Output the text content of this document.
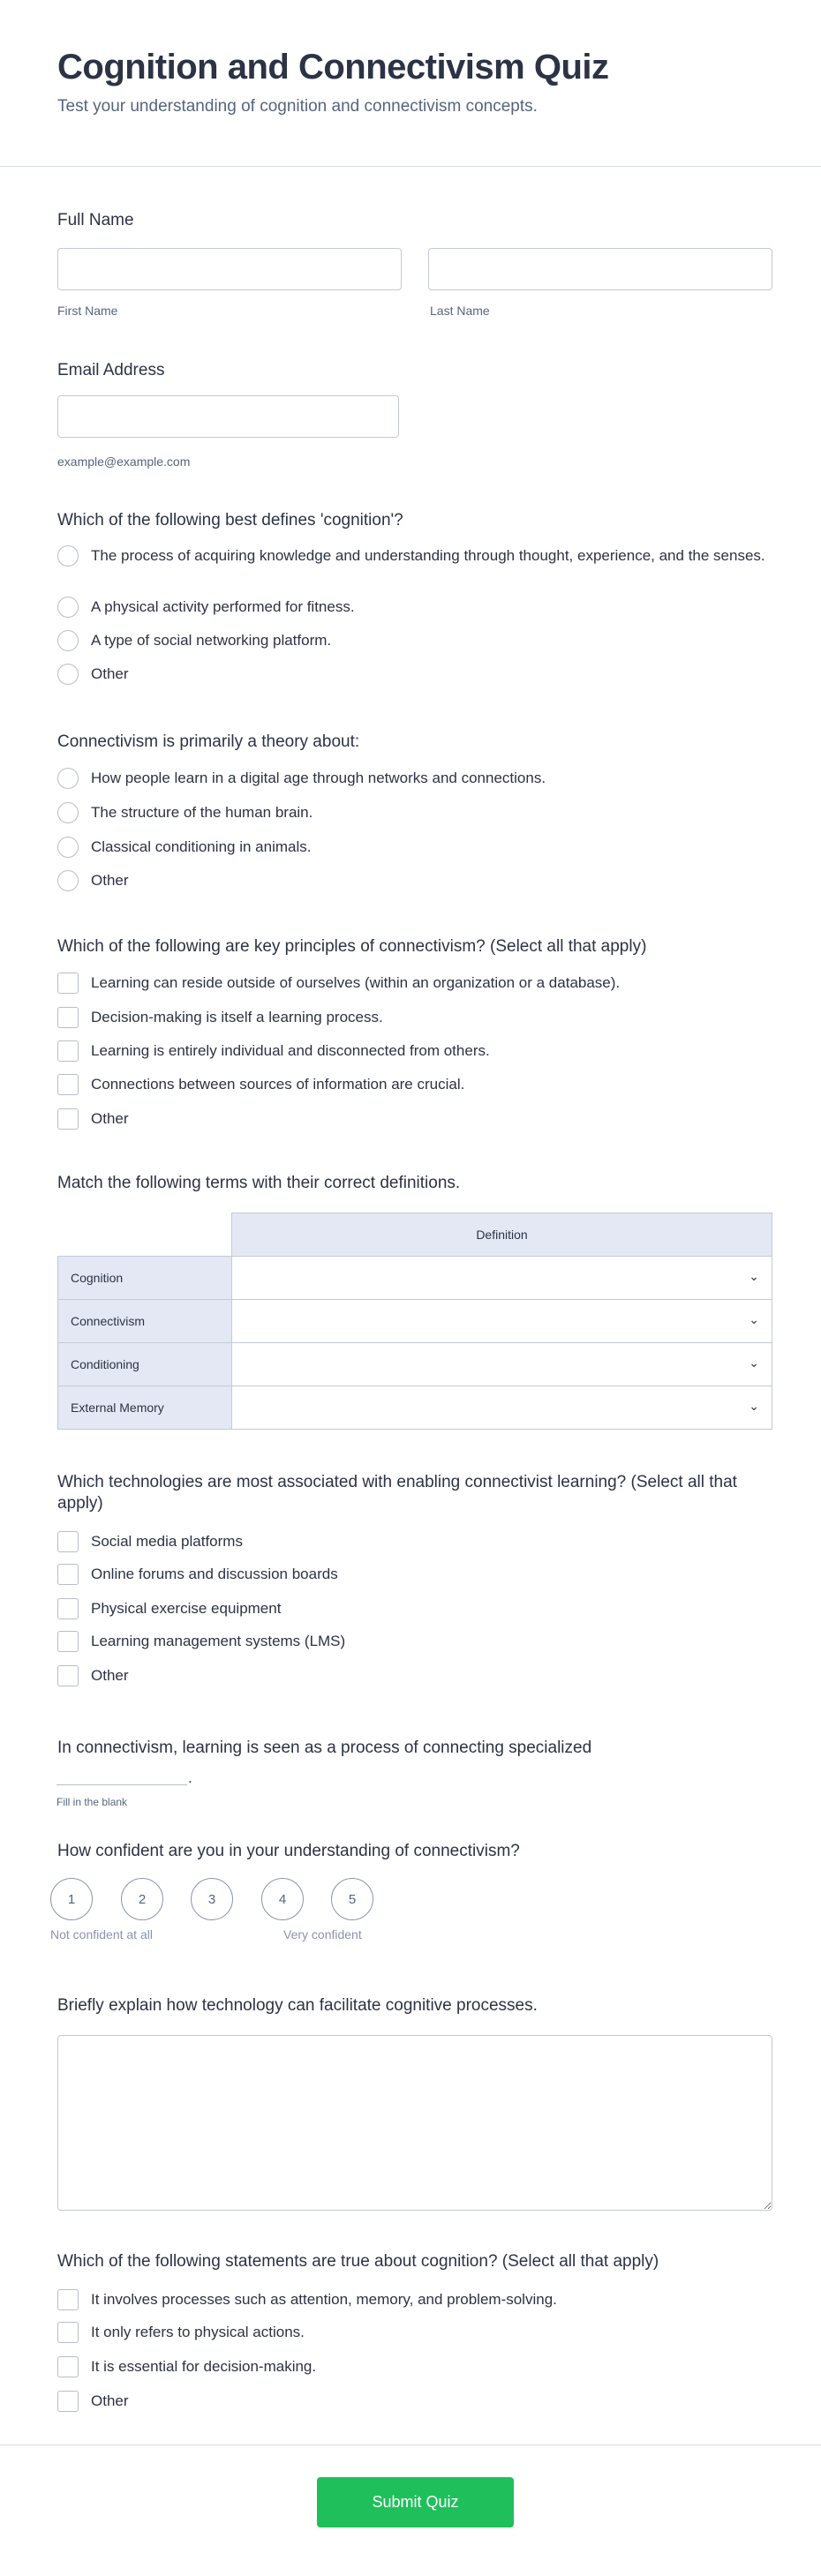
Cognition and Connectivism Quiz
Test your understanding of cognition and connectivism concepts.
Full Name
First Name	Last Name
Email Address
example@example.com
Which of the following best defines 'cognition'?
The process of acquiring knowledge and understanding through thought, experience, and the senses.
A physical activity performed for fitness.
A type of social networking platform.
Other
Connectivism is primarily a theory about:
How people learn in a digital age through networks and connections.
The structure of the human brain.
Classical conditioning in animals.
Other
Which of the following are key principles of connectivism? (Select all that apply)
Learning can reside outside of ourselves (within an organization or a database).
Decision-making is itself a learning process.
Learning is entirely individual and disconnected from others.
Connections between sources of information are crucial.
Other
Match the following terms with their correct definitions.
	Definition
Cognition	⌄

Connectivism	⌄

Conditioning	⌄

External Memory	⌄
Which technologies are most associated with enabling connectivist learning? (Select all that apply)
Social media platforms
Online forums and discussion boards
Physical exercise equipment
Learning management systems (LMS)
Other
In connectivism, learning is seen as a process of connecting specialized
.
Fill in the blank
How confident are you in your understanding of connectivism?
1	2	3	4	5
Not confident at all	Very confident
Briefly explain how technology can facilitate cognitive processes.
Which of the following statements are true about cognition? (Select all that apply)
It involves processes such as attention, memory, and problem-solving.
It only refers to physical actions.
It is essential for decision-making.
Other
Submit Quiz
